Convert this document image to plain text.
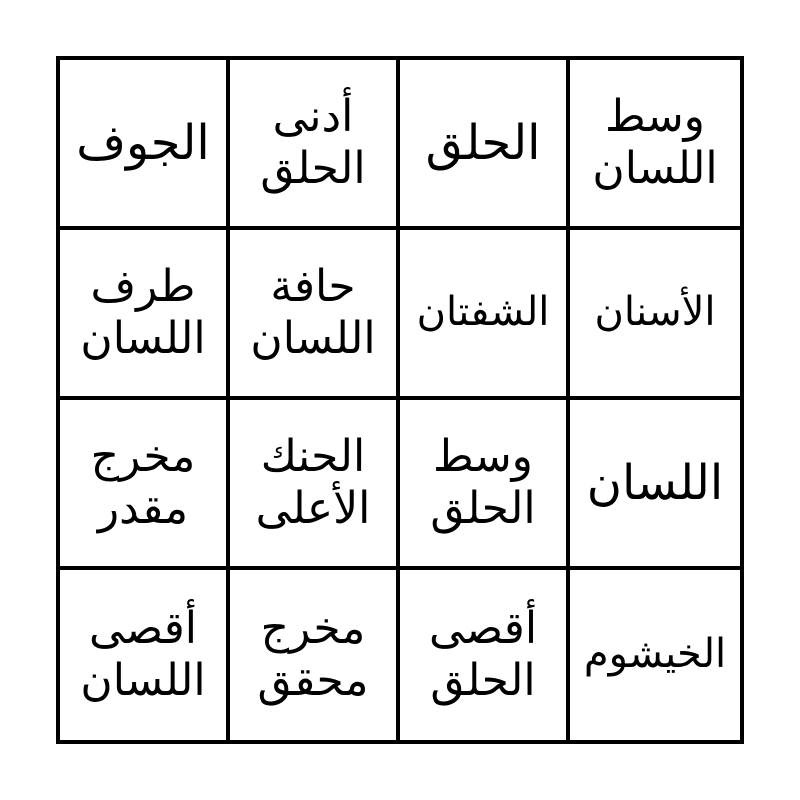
الجوف	أدنى
الحلق الحلق	وسط
اللسان
طرف
اللسان
حافة
اللسان
الشفتان الأسنان
مخرج
مقدر
الحنك
الأعلى
وسط
الحلق اللسان
أقصى
اللسان
مخرج
محقق
أقصى
الحلق
الخيشوم
